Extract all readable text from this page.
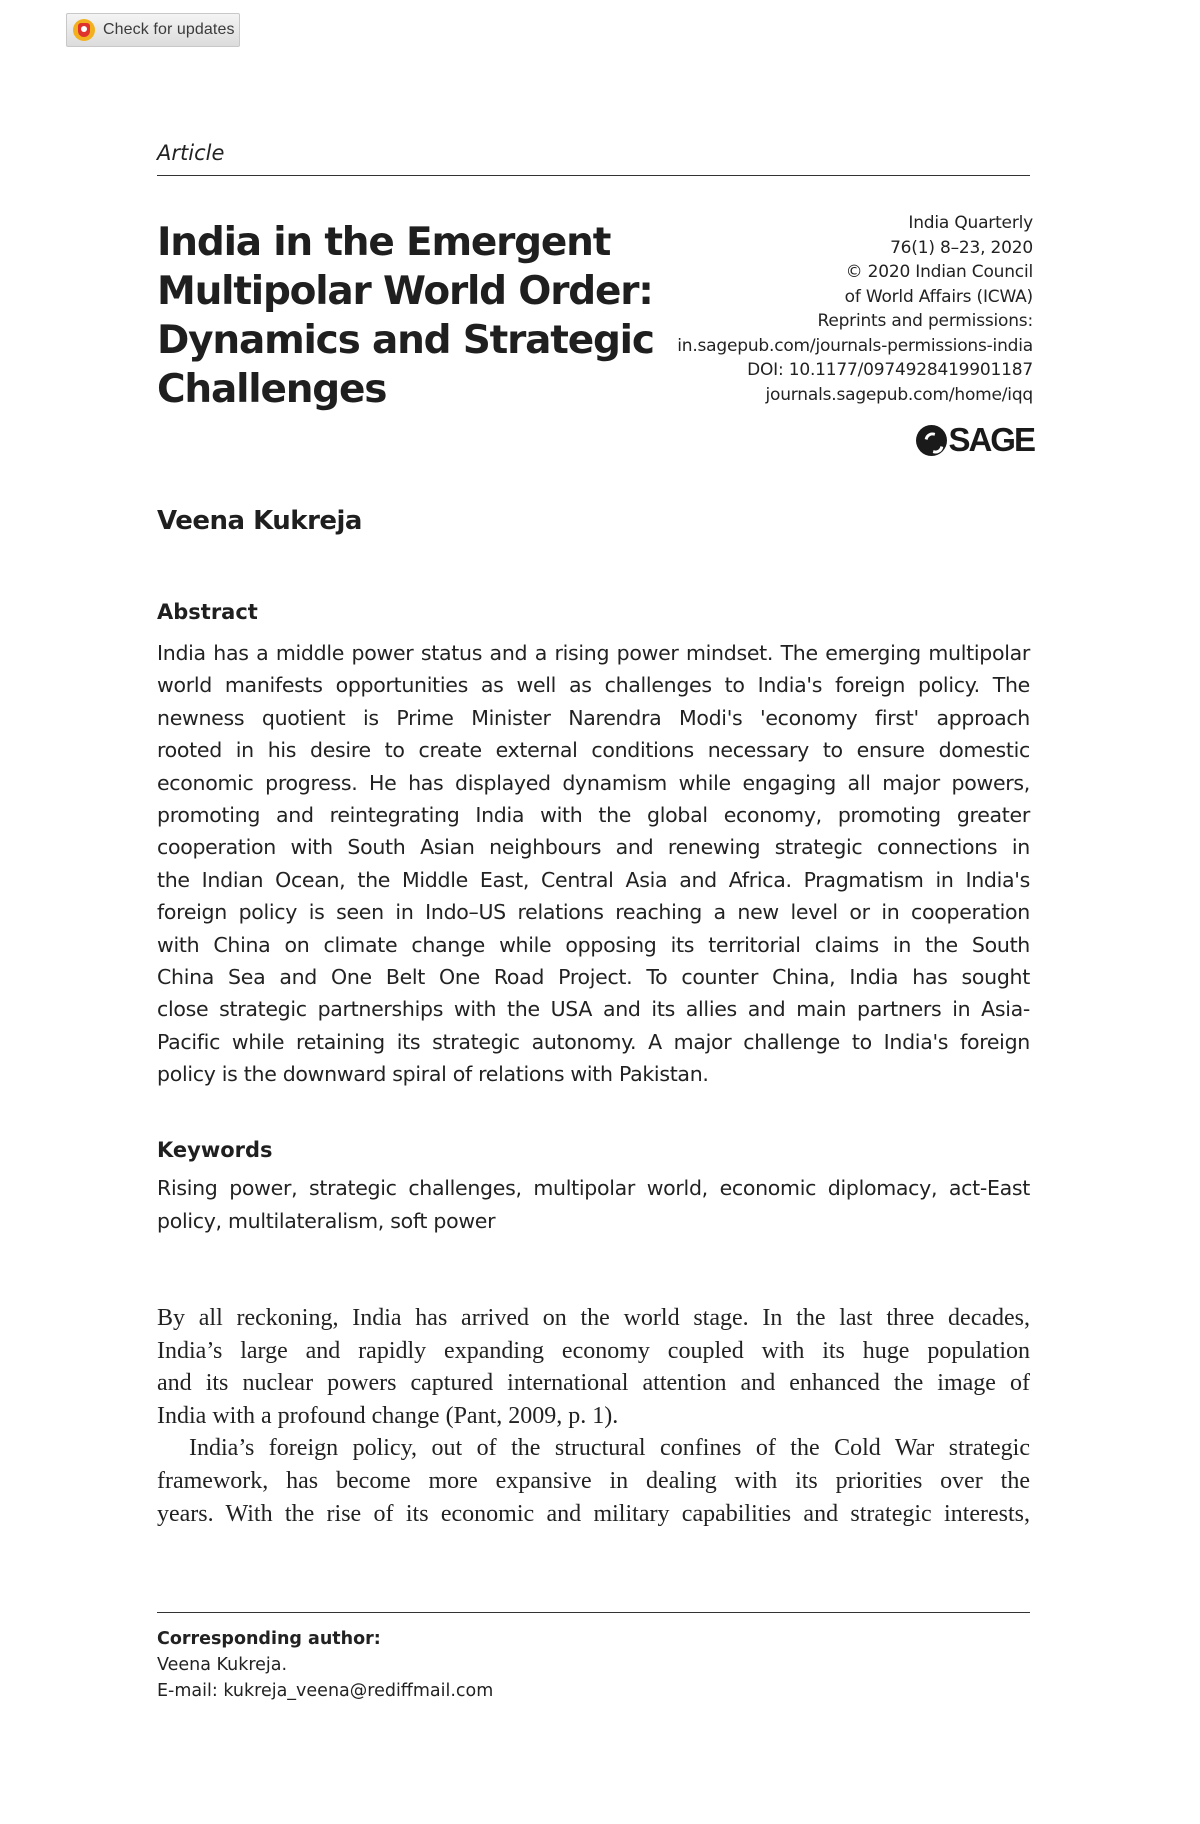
Check for updates
Article
India in the Emergent
Multipolar World Order:
Dynamics and Strategic
Challenges
India Quarterly
76(1) 8–23, 2020
© 2020 Indian Council
of World Affairs (ICWA)
Reprints and permissions:
in.sagepub.com/journals-permissions-india
DOI: 10.1177/0974928419901187
journals.sagepub.com/home/iqq
SAGE
Veena Kukreja
Abstract
India has a middle power status and a rising power mindset. The emerging multipolar
world manifests opportunities as well as challenges to India's foreign policy. The
newness quotient is Prime Minister Narendra Modi's 'economy first' approach
rooted in his desire to create external conditions necessary to ensure domestic
economic progress. He has displayed dynamism while engaging all major powers,
promoting and reintegrating India with the global economy, promoting greater
cooperation with South Asian neighbours and renewing strategic connections in
the Indian Ocean, the Middle East, Central Asia and Africa. Pragmatism in India's
foreign policy is seen in Indo–US relations reaching a new level or in cooperation
with China on climate change while opposing its territorial claims in the South
China Sea and One Belt One Road Project. To counter China, India has sought
close strategic partnerships with the USA and its allies and main partners in Asia-
Pacific while retaining its strategic autonomy. A major challenge to India's foreign
policy is the downward spiral of relations with Pakistan.
Keywords
Rising power, strategic challenges, multipolar world, economic diplomacy, act-East
policy, multilateralism, soft power
By all reckoning, India has arrived on the world stage. In the last three decades,
India’s large and rapidly expanding economy coupled with its huge population
and its nuclear powers captured international attention and enhanced the image of
India with a profound change (Pant, 2009, p. 1).
India’s foreign policy, out of the structural confines of the Cold War strategic
framework, has become more expansive in dealing with its priorities over the
years. With the rise of its economic and military capabilities and strategic interests,
Corresponding author:
Veena Kukreja.
E-mail: kukreja_veena@rediffmail.com
